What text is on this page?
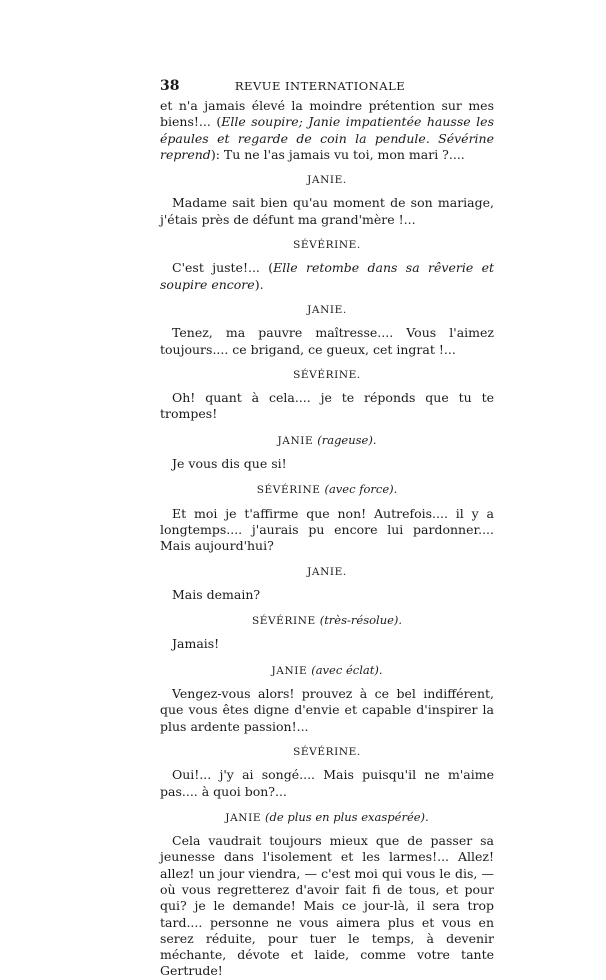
38	REVUE INTERNATIONALE

et n'a jamais élevé la moindre prétention sur mes biens!... (Elle soupire; Janie impatientée hausse les épaules et regarde de coin la pendule. Sévérine reprend): Tu ne l'as jamais vu toi, mon mari ?....

JANIE.

Madame sait bien qu'au moment de son mariage, j'étais près de défunt ma grand'mère !...

SÉVÉRINE.

C'est juste!... (Elle retombe dans sa rêverie et soupire encore).

JANIE.

Tenez, ma pauvre maîtresse.... Vous l'aimez toujours.... ce brigand, ce gueux, cet ingrat !...

SÉVÉRINE.

Oh! quant à cela.... je te réponds que tu te trompes!

JANIE (rageuse).

Je vous dis que si!

SÉVÉRINE (avec force).

Et moi je t'affirme que non! Autrefois.... il y a longtemps.... j'aurais pu encore lui pardonner.... Mais aujourd'hui?

JANIE.

Mais demain?

SÉVÉRINE (très-résolue).

Jamais!

JANIE (avec éclat).

Vengez-vous alors! prouvez à ce bel indifférent, que vous êtes digne d'envie et capable d'inspirer la plus ardente passion!...

SÉVÉRINE.

Oui!... j'y ai songé.... Mais puisqu'il ne m'aime pas.... à quoi bon?...

JANIE (de plus en plus exaspérée).

Cela vaudrait toujours mieux que de passer sa jeunesse dans l'isolement et les larmes!... Allez! allez! un jour viendra, — c'est moi qui vous le dis, — où vous regretterez d'avoir fait fi de tous, et pour qui? je le demande! Mais ce jour-là, il sera trop tard.... personne ne vous aimera plus et vous en serez réduite, pour tuer le temps, à devenir méchante, dévote et laide, comme votre tante Gertrude!
